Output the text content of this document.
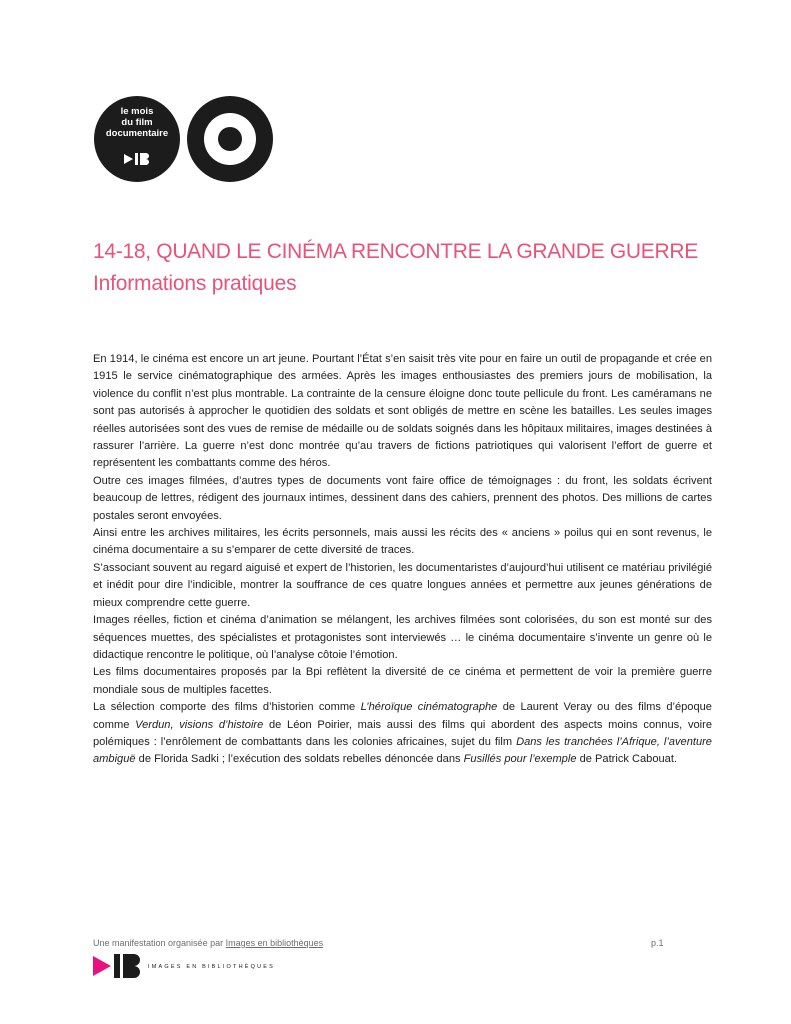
le mois
du film
documentaire
14-18, QUAND LE CINÉMA RENCONTRE LA GRANDE GUERRE
Informations pratiques

En 1914, le cinéma est encore un art jeune. Pourtant l’État s’en saisit très vite pour en faire un outil de propagande et crée en 1915 le service cinématographique des armées. Après les images enthousiastes des premiers jours de mobilisation, la violence du conflit n’est plus montrable. La contrainte de la censure éloigne donc toute pellicule du front. Les caméramans ne sont pas autorisés à approcher le quotidien des soldats et sont obligés de mettre en scène les batailles. Les seules images réelles autorisées sont des vues de remise de médaille ou de soldats soignés dans les hôpitaux militaires, images destinées à rassurer l’arrière. La guerre n’est donc montrée qu’au travers de fictions patriotiques qui valorisent l’effort de guerre et représentent les combattants comme des héros.

Outre ces images filmées, d’autres types de documents vont faire office de témoignages : du front, les soldats écrivent beaucoup de lettres, rédigent des journaux intimes, dessinent dans des cahiers, prennent des photos. Des millions de cartes postales seront envoyées.

Ainsi entre les archives militaires, les écrits personnels, mais aussi les récits des « anciens » poilus qui en sont revenus, le cinéma documentaire a su s’emparer de cette diversité de traces.

S’associant souvent au regard aiguisé et expert de l’historien, les documentaristes d’aujourd’hui utilisent ce matériau privilégié et inédit pour dire l’indicible, montrer la souffrance de ces quatre longues années et permettre aux jeunes générations de mieux comprendre cette guerre.

Images réelles, fiction et cinéma d’animation se mélangent, les archives filmées sont colorisées, du son est monté sur des séquences muettes, des spécialistes et protagonistes sont interviewés … le cinéma documentaire s’invente un genre où le didactique rencontre le politique, où l’analyse côtoie l’émotion.

Les films documentaires proposés par la Bpi reflètent la diversité de ce cinéma et permettent de voir la première guerre mondiale sous de multiples facettes.

La sélection comporte des films d’historien comme L’héroïque cinématographe de Laurent Veray ou des films d’époque comme Verdun, visions d’histoire de Léon Poirier, mais aussi des films qui abordent des aspects moins connus, voire polémiques : l’enrôlement de combattants dans les colonies africaines, sujet du film Dans les tranchées l’Afrique, l’aventure ambiguë de Florida Sadki ; l’exécution des soldats rebelles dénoncée dans Fusillés pour l’exemple de Patrick Cabouat.

Une manifestation organisée par Images en bibliothèques	p.1
IMAGES EN BIBLIOTHÈQUES
